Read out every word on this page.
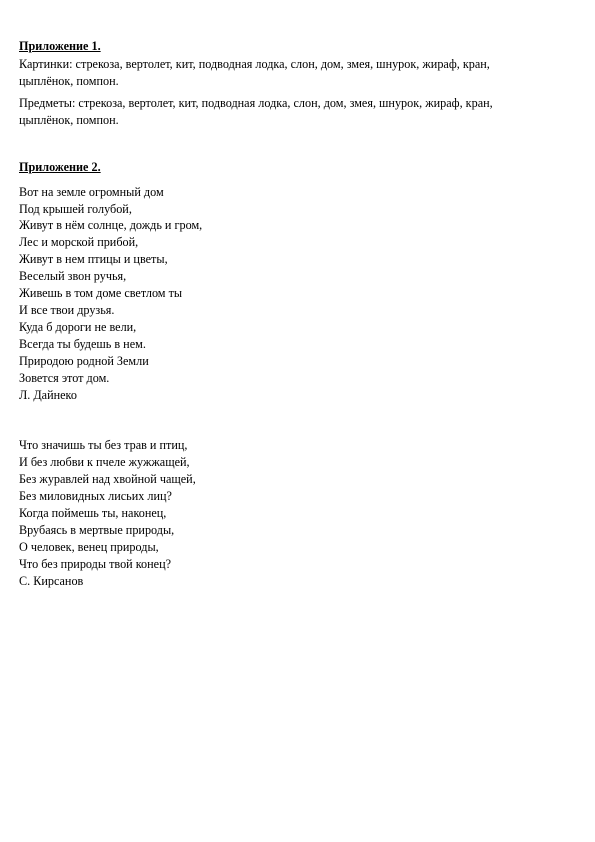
Приложение 1.

Картинки: стрекоза, вертолет, кит, подводная лодка, слон, дом, змея, шнурок, жираф, кран,
цыплёнок, помпон.
Предметы: стрекоза, вертолет, кит, подводная лодка, слон, дом, змея, шнурок, жираф, кран,
цыплёнок, помпон.

Приложение 2.

Вот на земле огромный дом
Под крышей голубой,
Живут в нём солнце, дождь и гром,
Лес и морской прибой,
Живут в нем птицы и цветы,
Веселый звон ручья,
Живешь в том доме светлом ты
И все твои друзья.
Куда б дороги не вели,
Всегда ты будешь в нем.
Природою родной Земли
Зовется этот дом.
Л. Дайнеко
Что значишь ты без трав и птиц,
И без любви к пчеле жужжащей,
Без журавлей над хвойной чащей,
Без миловидных лисьих лиц?
Когда поймешь ты, наконец,
Врубаясь в мертвые природы,
О человек, венец природы,
Что без природы твой конец?
С. Кирсанов
